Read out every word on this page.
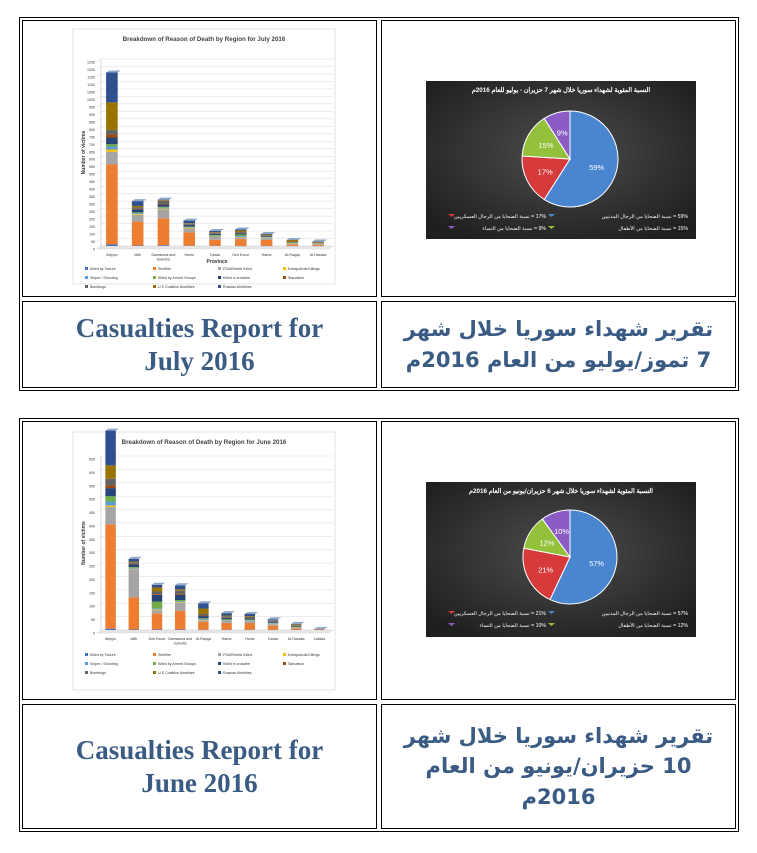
Breakdown of Reason of Death by Region for July 2016
0
50
100
150
200
250
300
350
400
450
500
550
600
650
700
750
800
850
900
950
1000
1050
1100
1150
1200
1250
Number of victims
Province
Aleppo	Idlib	Damascus and
Suburbs
Homs	Daraa	Deir Ezzor	Hama	Al-Raqqa	Al-Hasaka
Killed by Torture	Shellfire	FSA/Rebels Killed	Extrajudicial Killings
Sniper / Shooting	Killed by Armed Groups	Killed in crossfire	Starvation
Bombings	U.S Coalition Airstrikes	Russian Airstrikes
النسبة المئوية لشهداء سوريا خلال شهر 7 حزيران - يوليو للعام 2016م
59%
17%
15%
9%
59% = نسبة الضحايا من الرجال المدنيين
17% = نسبة الضحايا من الرجال العسكريين
15% = نسبة الضحايا من الأطفال
9% = نسبة الضحايا من النساء
Casualties Report for July 2016
تقرير شهداء سوريا خلال شهر
7 تموز/يوليو من العام 2016م
Breakdown of Reason of Death by Region for June 2016
0
50
100
150
200
250
300
350
400
450
500
550
600
650
Number of victims
Aleppo	Idlib	Deir Ezzor Damascus and
Suburbs
Al-Raqqa	Hama	Homs	Daraa	Al-Hasaka	Latakia
Killed by Torture	Shellfire	FSA/Rebels Killed	Extrajudicial Killings
Sniper / Shooting	Killed by Armed Groups	Killed in crossfire	Starvation
Bombings	U.S Coalition Airstrikes	Russian Airstrikes
النسبة المئوية لشهداء سوريا خلال شهر 6 حزيران/يونيو من العام 2016م
57%
21%
12%
10%
57% = نسبة الضحايا من الرجال المدنيين
21% = نسبة الضحايا من الرجال العسكريين
12% = نسبة الضحايا من الأطفال
10% = نسبة الضحايا من النساء
Casualties Report for June 2016
تقرير شهداء سوريا خلال شهر
10 حزيران/يونيو من العام
2016م
